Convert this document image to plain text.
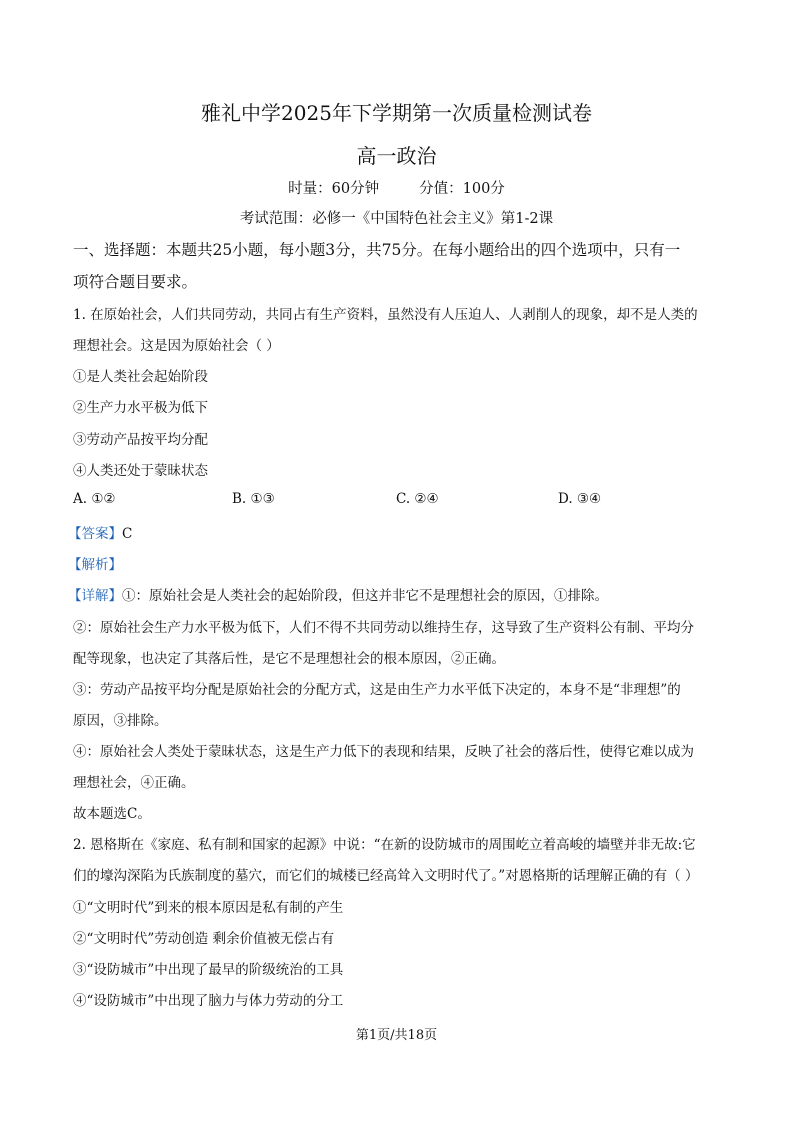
雅礼中学2025年下学期第一次质量检测试卷
高一政治
时量：60分钟	分值：100分
考试范围：必修一《中国特色社会主义》第1-2课
一、选择题：本题共25小题，每小题3分，共75分。在每小题给出的四个选项中，只有一
项符合题目要求。
1. 在原始社会，人们共同劳动，共同占有生产资料，虽然没有人压迫人、人剥削人的现象，却不是人类的
理想社会。这是因为原始社会（ ）
①是人类社会起始阶段
②生产力水平极为低下
③劳动产品按平均分配
④人类还处于蒙昧状态
A. ①②	B. ①③	C. ②④	D. ③④
【答案】C
【解析】
【详解】①：原始社会是人类社会的起始阶段，但这并非它不是理想社会的原因，①排除。
②：原始社会生产力水平极为低下，人们不得不共同劳动以维持生存，这导致了生产资料公有制、平均分
配等现象，也决定了其落后性，是它不是理想社会的根本原因，②正确。
③：劳动产品按平均分配是原始社会的分配方式，这是由生产力水平低下决定的，本身不是“非理想”的
原因，③排除。
④：原始社会人类处于蒙昧状态，这是生产力低下的表现和结果，反映了社会的落后性，使得它难以成为
理想社会，④正确。
故本题选C。
2. 恩格斯在《家庭、私有制和国家的起源》中说：“在新的设防城市的周围屹立着高峻的墙壁并非无故:它
们的壕沟深陷为氏族制度的墓穴，而它们的城楼已经高耸入文明时代了。”对恩格斯的话理解正确的有（ ）
①“文明时代”到来的根本原因是私有制的产生
②“文明时代”劳动创造 剩余价值被无偿占有
③“设防城市”中出现了最早的阶级统治的工具
④“设防城市”中出现了脑力与体力劳动的分工
第1页/共18页
